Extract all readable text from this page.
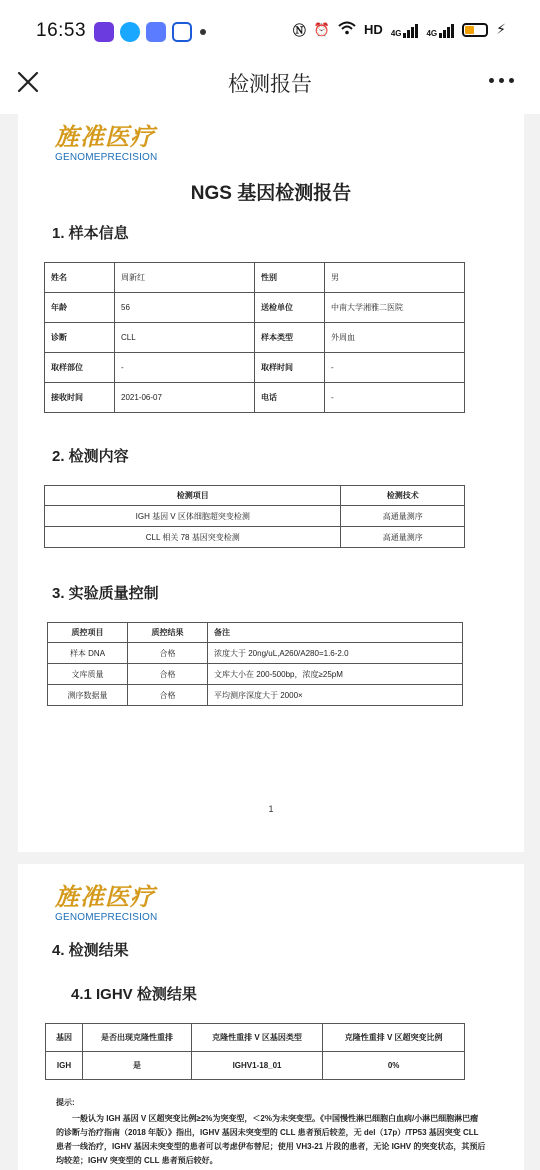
16:53	Ⓝ ⏰	HD 4G	4G	⚡
检测报告
旌准医疗
GENOMEPRECISION
NGS 基因检测报告
1. 样本信息
姓名	周新红	性别	男
年龄	56	送检单位	中南大学湘雅二医院
诊断	CLL	样本类型	外周血
取样部位	-	取样时间	-
接收时间	2021-06-07	电话	-
2. 检测内容
检测项目	检测技术
IGH 基因 V 区体细胞超突变检测	高通量测序
CLL 相关 78 基因突变检测	高通量测序
3. 实验质量控制
质控项目	质控结果	备注
样本 DNA	合格	浓度大于 20ng/uL,A260/A280=1.6-2.0
文库质量	合格	文库大小在 200-500bp，浓度≥25pM
测序数据量	合格	平均测序深度大于 2000×
1
旌准医疗
GENOMEPRECISION
4. 检测结果
4.1 IGHV 检测结果
基因	是否出现克隆性重排	克隆性重排 V 区基因类型	克隆性重排 V 区超突变比例
IGH	是	IGHV1-18_01	0%
提示:
一般认为 IGH 基因 V 区超突变比例≥2%为突变型，＜2%为未突变型。《中国慢性淋巴细胞白血病/小淋巴细胞淋巴瘤的诊断与治疗指南（2018 年版）》指出，IGHV 基因未突变型的 CLL 患者预后较差，无 del（17p）/TP53 基因突变 CLL 患者一线治疗，IGHV 基因未突变型的患者可以考虑伊布替尼；使用 VH3-21 片段的患者，无论 IGHV 的突变状态，其预后均较差；IGHV 突变型的 CLL 患者预后较好。
